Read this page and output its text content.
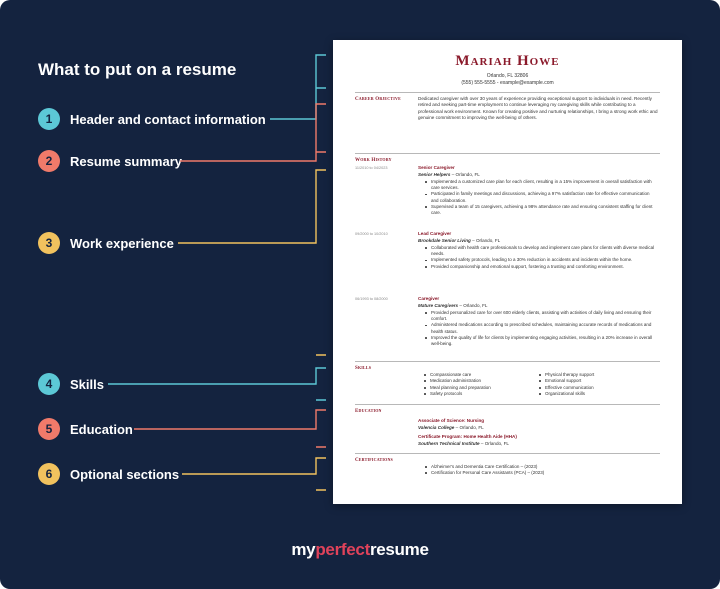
What to put on a resume
1	Header and contact information
2	Resume summary
3	Work experience
4	Skills
5	Education
6	Optional sections
Mariah Howe
Orlando, FL 32806
(555) 555-5555 - example@example.com
Career Objective	Dedicated caregiver with over 30 years of experience providing exceptional support to individuals in need. Recently retired and seeking part-time employment to continue leveraging my caregiving skills while contributing to a professional work environment. Known for creating positive and nurturing relationships, I bring a strong work ethic and genuine commitment to improving the well-being of others.
Work History
11/2010 to 04/2023	Senior Caregiver
Senior Helpers – Orlando, FL
Implemented a customized care plan for each client, resulting in a 15% improvement in overall satisfaction with care services.
Participated in family meetings and discussions, achieving a 97% satisfaction rate for effective communication and collaboration.
Supervised a team of 15 caregivers, achieving a 98% attendance rate and ensuring consistent staffing for client care.
09/2000 to 10/2010	Lead Caregiver
Brookdale Senior Living – Orlando, FL
Collaborated with health care professionals to develop and implement care plans for clients with diverse medical needs.
Implemented safety protocols, leading to a 30% reduction in accidents and incidents within the home.
Provided companionship and emotional support, fostering a trusting and comforting environment.
06/1993 to 08/2000	Caregiver
Mature Caregivers – Orlando, FL
Provided personalized care for over 600 elderly clients, assisting with activities of daily living and ensuring their comfort.
Administered medications according to prescribed schedules, maintaining accurate records of medications and health status.
Improved the quality of life for clients by implementing engaging activities, resulting in a 20% increase in overall well-being.
Skills
Compassionate care
Medication administration
Meal planning and preparation
Safety protocols
Physical therapy support
Emotional support
Effective communication
Organizational skills
Education
Associate of Science: Nursing
Valencia College – Orlando, FL
Certificate Program: Home Health Aide (HHA)
Southern Technical Institute – Orlando, FL
Certifications
Alzheimer's and Dementia Care Certification – (2023)
Certification for Personal Care Assistants (PCA) – (2023)
myperfectresume
